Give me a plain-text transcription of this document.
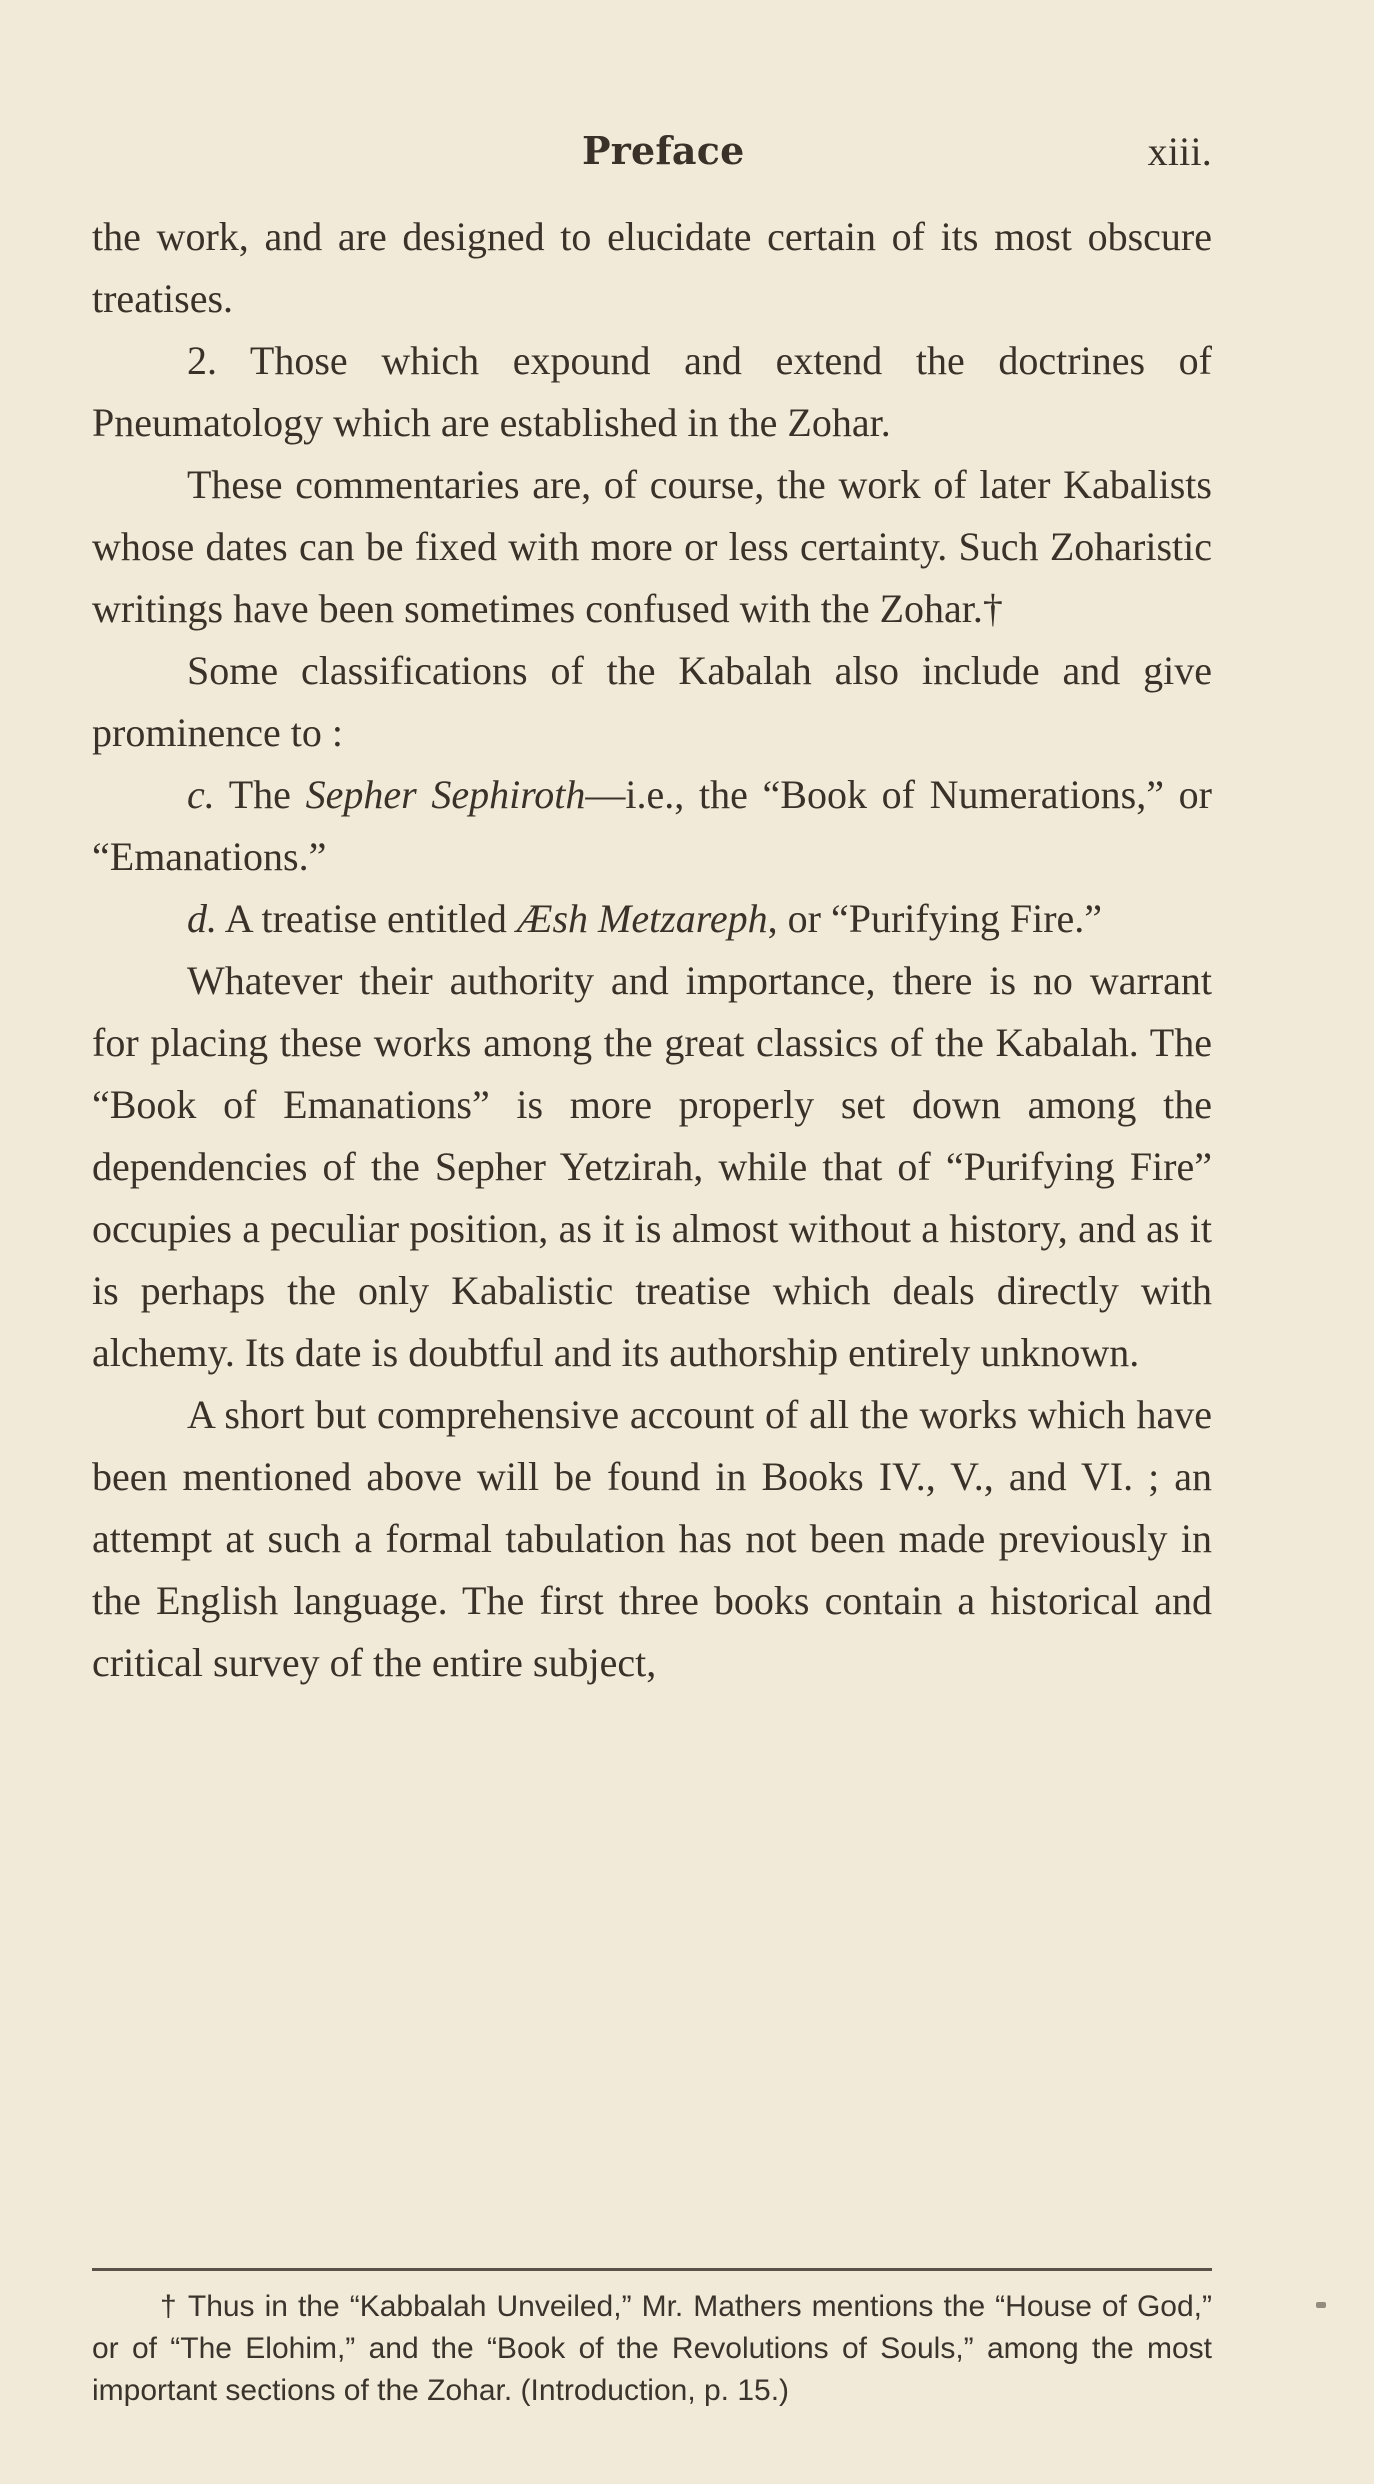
Preface	xiii.

the work, and are designed to elucidate certain of its most obscure treatises.

2. Those which expound and extend the doctrines of Pneumatology which are established in the Zohar.

These commentaries are, of course, the work of later Kabalists whose dates can be fixed with more or less certainty. Such Zoharistic writings have been sometimes confused with the Zohar.†

Some classifications of the Kabalah also include and give prominence to :

c. The Sepher Sephiroth—i.e., the “Book of Numerations,” or “Emanations.”

d. A treatise entitled Æsh Metzareph, or “Purifying Fire.”

Whatever their authority and importance, there is no warrant for placing these works among the great classics of the Kabalah. The “Book of Emanations” is more properly set down among the dependencies of the Sepher Yetzirah, while that of “Purifying Fire” occupies a peculiar position, as it is almost without a history, and as it is perhaps the only Kabalistic treatise which deals directly with alchemy. Its date is doubtful and its authorship entirely unknown.

A short but comprehensive account of all the works which have been mentioned above will be found in Books IV., V., and VI. ; an attempt at such a formal tabulation has not been made previously in the English language. The first three books contain a historical and critical survey of the entire subject,

† Thus in the “Kabbalah Unveiled,” Mr. Mathers mentions the “House of God,” or of “The Elohim,” and the “Book of the Revolutions of Souls,” among the most important sections of the Zohar. (Introduction, p. 15.)
